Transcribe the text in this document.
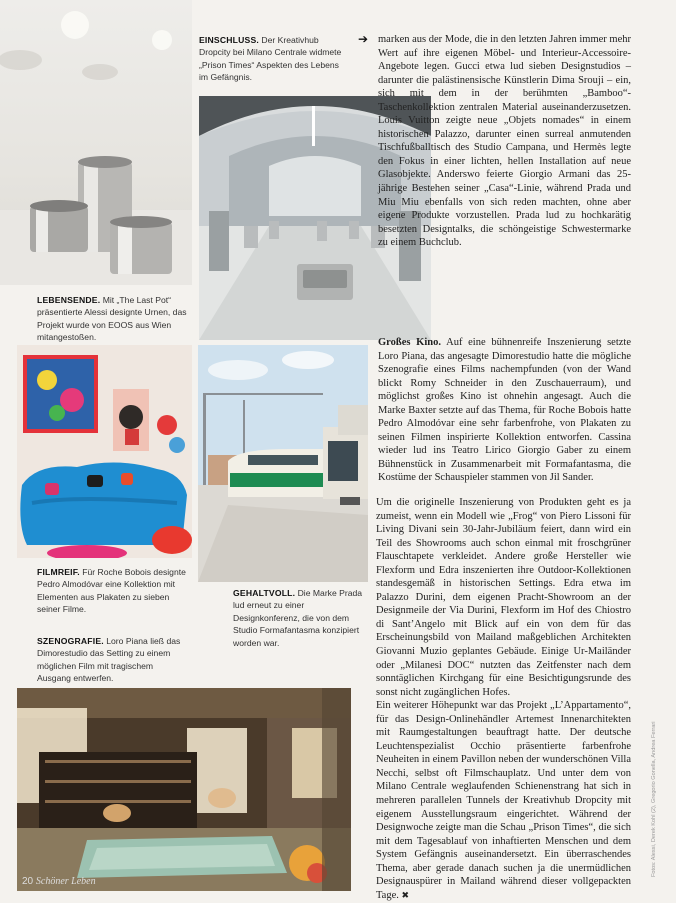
LEBENSENDE. Mit „The Last Pot“ präsentierte Alessi designte Urnen, das Projekt wurde von EOOS aus Wien mitangestoßen.
EINSCHLUSS. Der Kreativhub Dropcity bei Milano Centrale widmete „Prison Times“ Aspekten des Lebens im Gefängnis.
FILMREIF. Für Roche Bobois designte Pedro Almodóvar eine Kollektion mit Elementen aus Plakaten zu sieben seiner Filme.
SZENOGRAFIE. Loro Piana ließ das Dimorestudio das Setting zu einem möglichen Film mit tragischem Ausgang entwerfen.
GEHALTVOLL. Die Marke Prada lud erneut zu einer Designkonferenz, die von dem Studio Formafantasma konzipiert worden war.
20 Schöner Leben
➔ marken aus der Mode, die in den letzten Jahren immer mehr Wert auf ihre eigenen Möbel- und Interieur-Accessoire-Angebote legen. Gucci etwa lud sieben Designstudios – darunter die palästinensische Künstlerin Dima Srouji – ein, sich mit dem in der berühmten „Bamboo“-Taschenkollektion zentralen Material auseinanderzusetzen. Louis Vuitton zeigte neue „Objets nomades“ in einem historischen Palazzo, darunter einen surreal anmutenden Tischfußballtisch des Studio Campana, und Hermès legte den Fokus in einer lichten, hellen Installation auf neue Glasobjekte. Anderswo feierte Giorgio Armani das 25-jährige Bestehen seiner „Casa“-Linie, während Prada und Miu Miu ebenfalls von sich reden machten, ohne aber eigene Produkte vorzustellen. Prada lud zu hochkarätig besetzten Designtalks, die schöngeistige Schwestermarke zu einem Buchclub.

Großes Kino. Auf eine bühnenreife Inszenierung setzte Loro Piana, das angesagte Dimorestudio hatte die mögliche Szenografie eines Films nachempfunden (von der Wand blickt Romy Schneider in den Zuschauerraum), und möglichst großes Kino ist ohnehin angesagt. Auch die Marke Baxter setzte auf das Thema, für Roche Bobois hatte Pedro Almodóvar eine sehr farbenfrohe, von Plakaten zu seinen Filmen inspirierte Kollektion entworfen. Cassina wieder lud ins Teatro Lirico Giorgio Gaber zu einem Bühnenstück in Zusammenarbeit mit Formafantasma, die Kostüme der Schauspieler stammen von Jil Sander.

Um die originelle Inszenierung von Produkten geht es ja zumeist, wenn ein Modell wie „Frog“ von Piero Lissoni für Living Divani sein 30-Jahr-Jubiläum feiert, dann wird ein Teil des Showrooms auch schon einmal mit froschgrüner Flauschtapete verkleidet. Andere große Hersteller wie Flexform und Edra inszenierten ihre Outdoor-Kollektionen standesgemäß in historischen Settings. Edra etwa im Palazzo Durini, dem eigenen Pracht-Showroom an der Designmeile der Via Durini, Flexform im Hof des Chiostro di Sant’Angelo mit Blick auf ein von dem für das Erscheinungsbild von Mailand maßgeblichen Architekten Giovanni Muzio geplantes Gebäude. Einige Ur-Mailänder oder „Milanesi DOC“ nutzten das Zeitfenster nach dem sonntäglichen Kirchgang für eine Besichtigungsrunde des sonst nicht zugänglichen Hofes.

Ein weiterer Höhepunkt war das Projekt „L’Appartamento“, für das Design-Onlinehändler Artemest Innenarchitekten mit Raumgestaltungen beauftragt hatte. Der deutsche Leuchtenspezialist Occhio präsentierte farbenfrohe Neuheiten in einem Pavillon neben der wunderschönen Villa Necchi, selbst oft Filmschauplatz. Und unter dem von Milano Centrale weglaufenden Schienenstrang hat sich in mehreren parallelen Tunnels der Kreativhub Dropcity mit eigenem Ausstellungsraum eingerichtet. Während der Designwoche zeigte man die Schau „Prison Times“, die sich mit dem Tagesablauf von inhaftierten Menschen und dem System Gefängnis auseinandersetzt. Ein überraschendes Thema, aber gerade danach suchen ja die unermüdlichen Designauspürer in Mailand während dieser vollgepackten Tage. ✖

Fotos: Alessi, Derek Kohl (2), Gregorio Gonella, Andrea Ferrari
